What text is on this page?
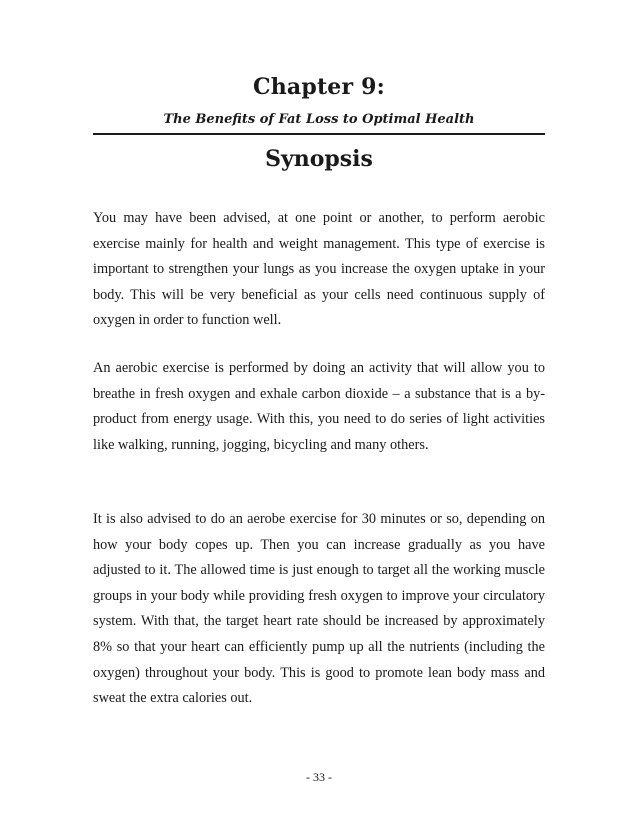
Chapter 9:
The Benefits of Fat Loss to Optimal Health
Synopsis

You may have been advised, at one point or another, to perform aerobic exercise mainly for health and weight management. This type of exercise is important to strengthen your lungs as you increase the oxygen uptake in your body. This will be very beneficial as your cells need continuous supply of oxygen in order to function well.

An aerobic exercise is performed by doing an activity that will allow you to breathe in fresh oxygen and exhale carbon dioxide – a substance that is a by-product from energy usage. With this, you need to do series of light activities like walking, running, jogging, bicycling and many others.

It is also advised to do an aerobe exercise for 30 minutes or so, depending on how your body copes up. Then you can increase gradually as you have adjusted to it. The allowed time is just enough to target all the working muscle groups in your body while providing fresh oxygen to improve your circulatory system. With that, the target heart rate should be increased by approximately 8% so that your heart can efficiently pump up all the nutrients (including the oxygen) throughout your body. This is good to promote lean body mass and sweat the extra calories out.

- 33 -
